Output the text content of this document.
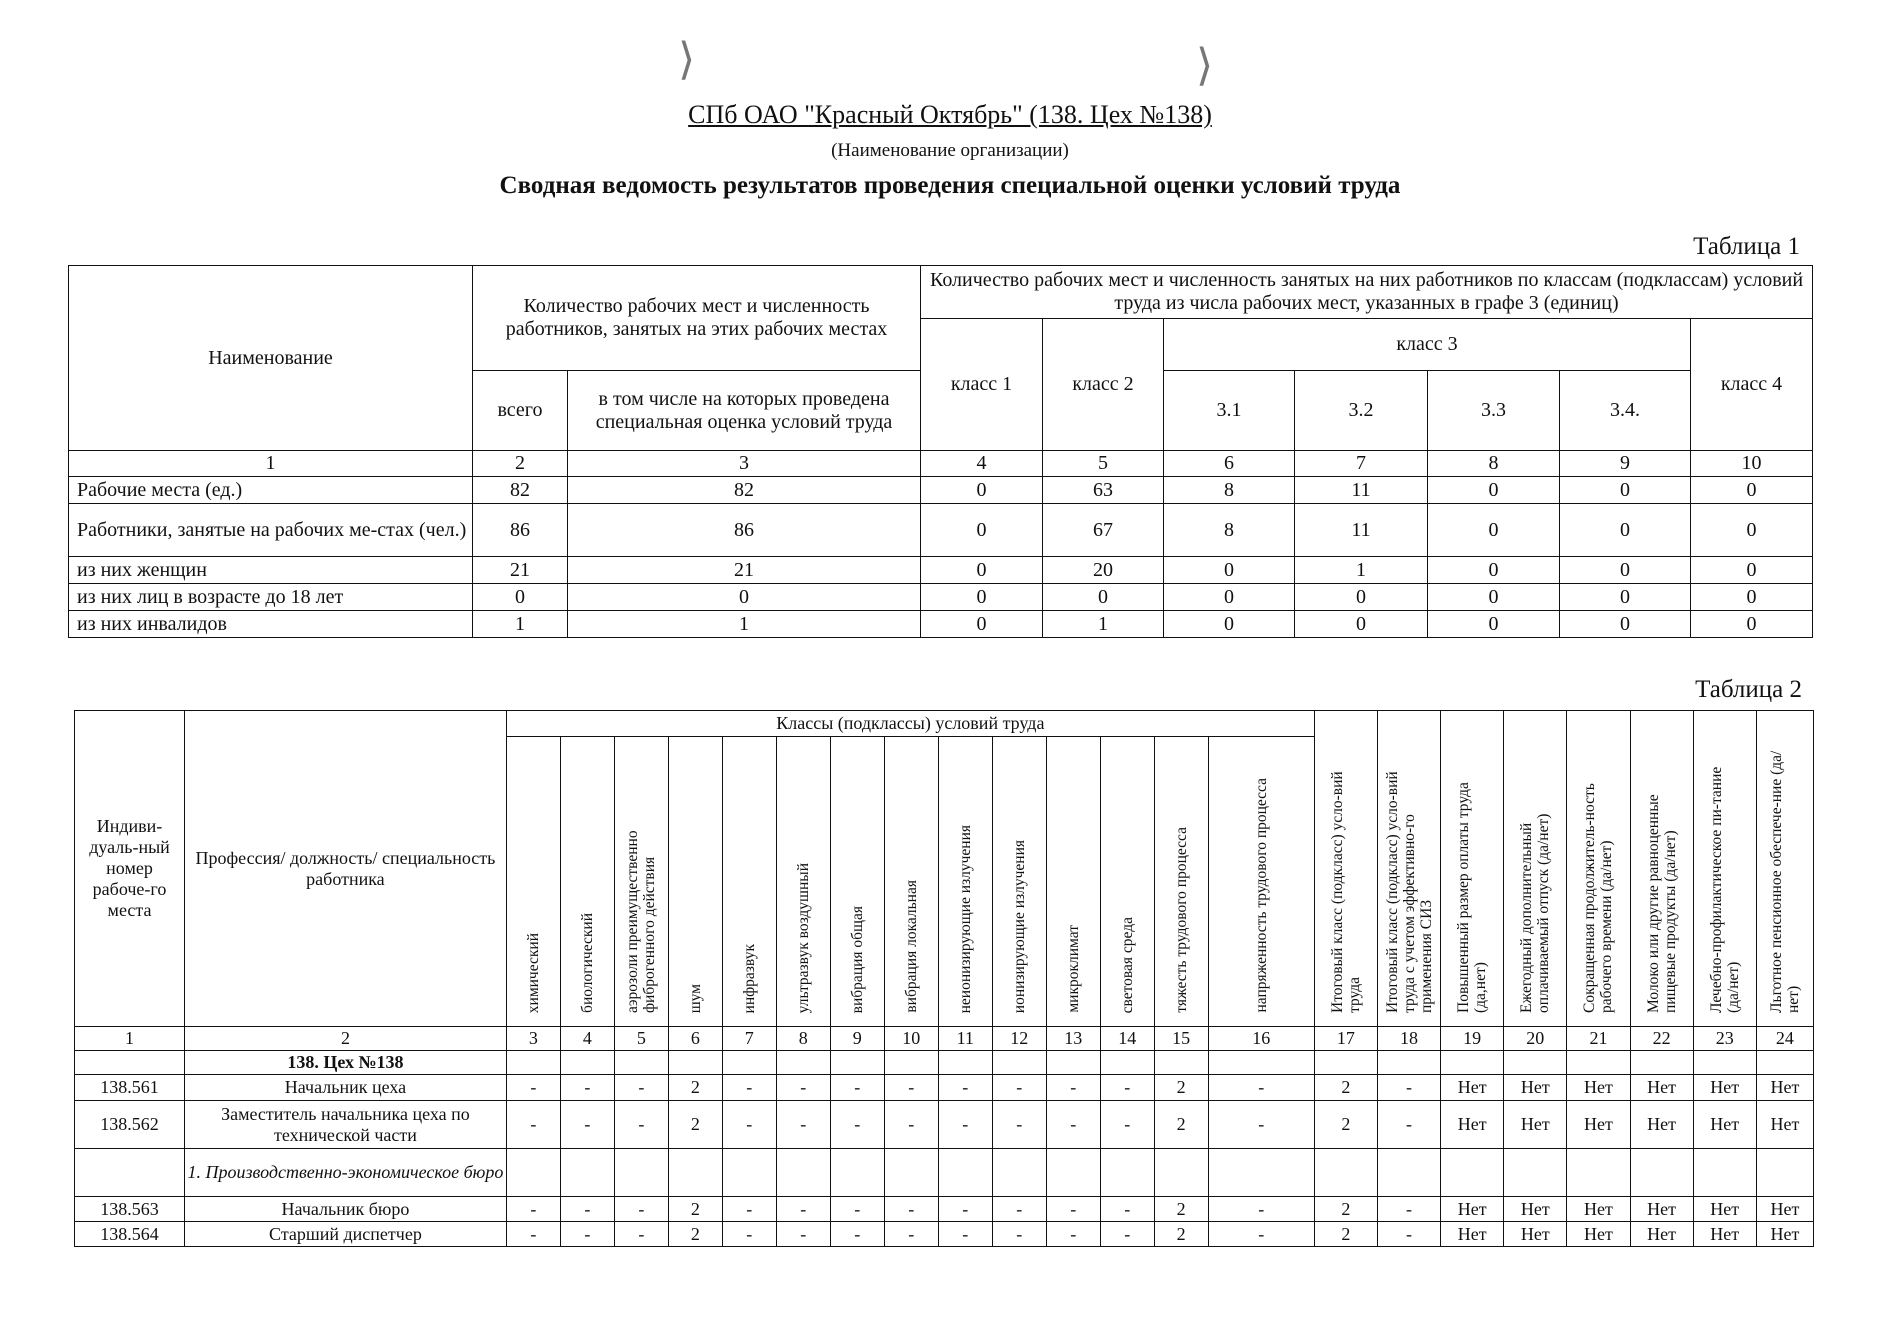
⟩	⟩
СПб ОАО "Красный Октябрь" (138. Цех №138)
(Наименование организации)
Сводная ведомость результатов проведения специальной оценки условий труда
Таблица 1
Наименование	Количество рабочих мест и численность работников, занятых на этих рабочих местах		Количество рабочих мест и численность занятых на них работников по классам (подклассам) условий труда из числа рабочих мест, указанных в графе 3 (единиц)						
			класс 1	класс 2	класс 3				класс 4
	всего	в том числе на которых проведена специальная оценка условий труда			3.1	3.2	3.3	3.4.	
1	2	3	4	5	6	7	8	9	10
Рабочие места (ед.)	82	82	0	63	8	11	0	0	0
Работники, занятые на рабочих ме-стах (чел.)	86	86	0	67	8	11	0	0	0
из них женщин	21	21	0	20	0	1	0	0	0
из них лиц в возрасте до 18 лет	0	0	0	0	0	0	0	0	0
из них инвалидов	1	1	0	1	0	0	0	0	0
Таблица 2
Индиви-дуаль-ный номер рабоче-го места	Профессия/ должность/ специальность работника	Классы (подклассы) условий труда														Итоговый класс (подкласс) усло-вий труда	Итоговый класс (подкласс) усло-вий труда с учетом эффективно-го применения СИЗ	Повышенный размер оплаты труда (да,нет)	Ежегодный дополнительный оплачиваемый отпуск (да/нет)	Сокращенная продолжитель-ность рабочего времени (да/нет)	Молоко или другие равноценные пищевые продукты (да/нет)	Лечебно-профилактическое пи-тание (да/нет)	Льготное пенсионное обеспече-ние (да/нет)
		химический	биологический	аэрозоли преимущественно фиброгенного действия	шум	инфразвук	ультразвук воздушный	вибрация общая	вибрация локальная	неионизирующие излучения	ионизирующие излучения	микроклимат	световая среда	тяжесть трудового процесса	напряженность трудового процесса								
1	2	3	4	5	6	7	8	9	10	11	12	13	14	15	16	17	18	19	20	21	22	23	24
	138. Цех №138																						
138.561	Начальник цеха	-	-	-	2	-	-	-	-	-	-	-	-	2	-	2	-	Нет	Нет	Нет	Нет	Нет	Нет
138.562	Заместитель начальника цеха по технической части	-	-	-	2	-	-	-	-	-	-	-	-	2	-	2	-	Нет	Нет	Нет	Нет	Нет	Нет
	1. Производственно-экономическое бюро																						
138.563	Начальник бюро	-	-	-	2	-	-	-	-	-	-	-	-	2	-	2	-	Нет	Нет	Нет	Нет	Нет	Нет
138.564	Старший диспетчер	-	-	-	2	-	-	-	-	-	-	-	-	2	-	2	-	Нет	Нет	Нет	Нет	Нет	Нет
